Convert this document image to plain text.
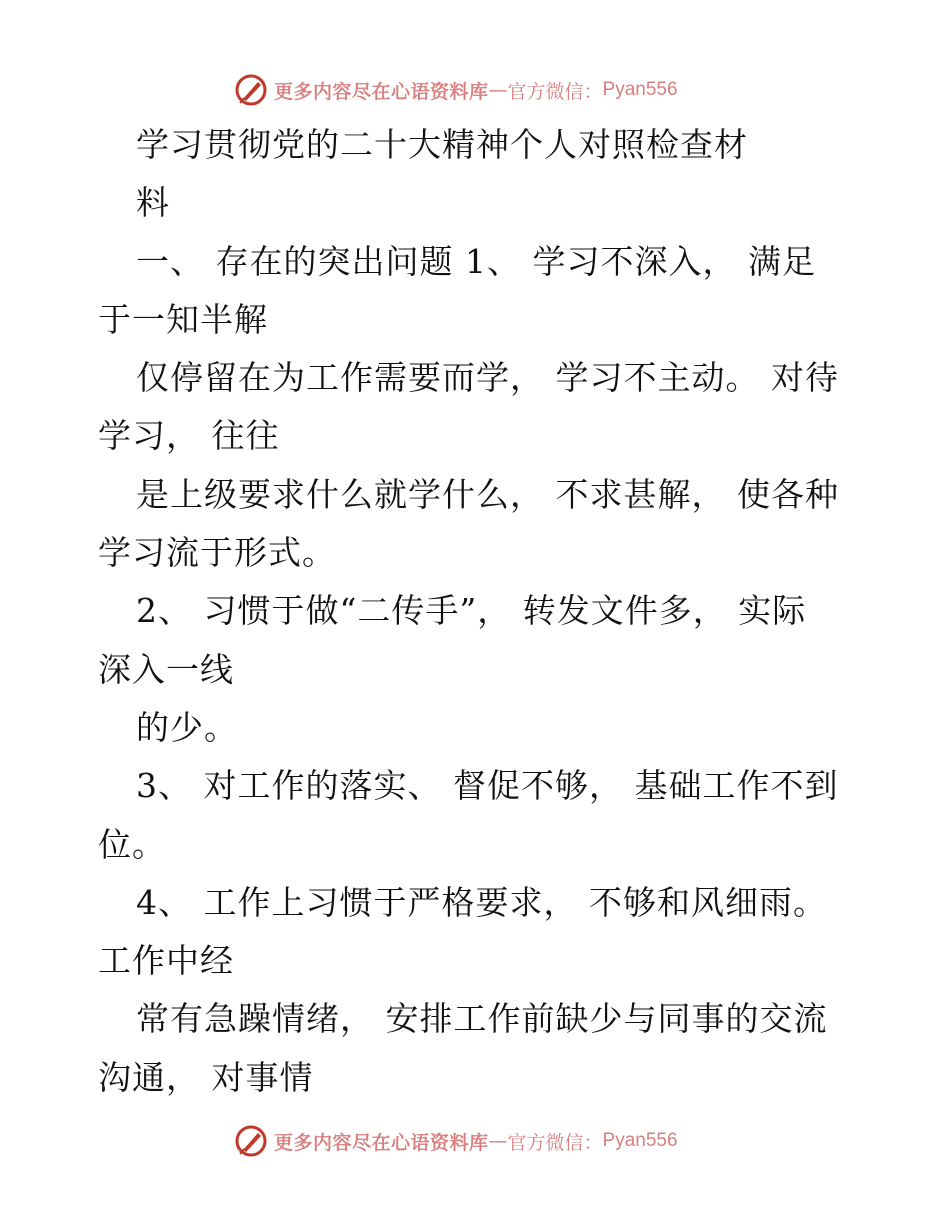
更多内容尽在心语资料库 — 官方微信： Pyan556
学习贯彻党的二十大精神个人对照检查材
料
一、 存在的突出问题 1、 学习不深入， 满足
于一知半解
仅停留在为工作需要而学， 学习不主动。 对待
学习， 往往
是上级要求什么就学什么， 不求甚解， 使各种
学习流于形式。
2、 习惯于做“二传手”， 转发文件多， 实际
深入一线
的少。
3、 对工作的落实、 督促不够， 基础工作不到
位。
4、 工作上习惯于严格要求， 不够和风细雨。
工作中经
常有急躁情绪， 安排工作前缺少与同事的交流
沟通， 对事情
更多内容尽在心语资料库 — 官方微信： Pyan556
